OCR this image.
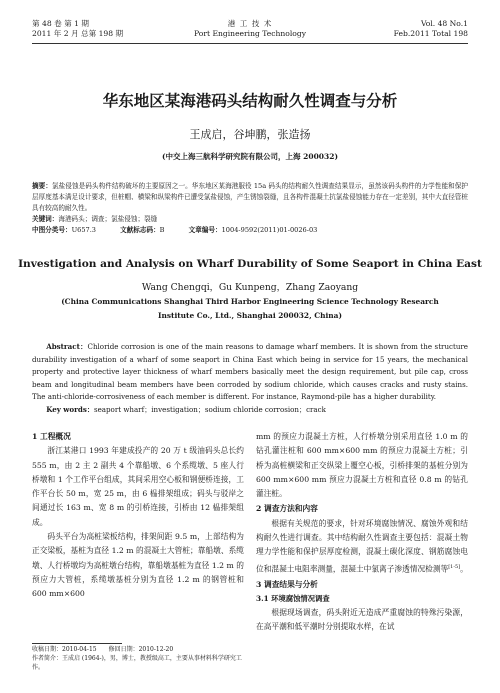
第 48 卷 第 1 期
2011 年 2 月 总第 198 期
港 工 技 术
Port Engineering Technology
Vol. 48 No.1
Feb.2011 Total 198
华东地区某海港码头结构耐久性调查与分析
王成启，谷坤鹏，张造扬
(中交上海三航科学研究院有限公司，上海 200032)
摘要：氯盐侵蚀是码头构件结构破坏的主要原因之一。华东地区某海港服役 15a 码头的结构耐久性调查结果显示，虽然该码头构件的力学性能和保护层厚度基本满足设计要求，但桩帽、横梁和纵梁构件已遭受氯盐侵蚀，产生锈蚀裂缝，且各构件混凝土抗氯盐侵蚀能力存在一定差别，其中大直径管桩具有较高的耐久性。
关键词：海港码头；调查；氯盐侵蚀；裂缝
中图分类号：U657.3	文献标志码：B	文章编号：1004-9592(2011)01-0026-03
Investigation and Analysis on Wharf Durability of Some Seaport in China East
Wang Chengqi，Gu Kunpeng，Zhang Zaoyang
(China Communications Shanghai Third Harbor Engineering Science Technology Research
Institute Co., Ltd., Shanghai 200032, China)
Abstract：Chloride corrosion is one of the main reasons to damage wharf members. It is shown from the structure durability investigation of a wharf of some seaport in China East which being in service for 15 years, the mechanical property and protective layer thickness of wharf members basically meet the design requirement, but pile cap, cross beam and longitudinal beam members have been corroded by sodium chloride, which causes cracks and rusty stains. The anti-chloride-corrosiveness of each member is different. For instance, Raymond-pile has a higher durability.
Key words：seaport wharf；investigation；sodium chloride corrosion；crack

1 工程概况

浙江某港口 1993 年建成投产的 20 万 t 级油码头总长约 555 m，由 2 主 2 副共 4 个靠船墩、6 个系缆墩、5 座人行桥墩和 1 个工作平台组成，其间采用空心板和钢便桥连接，工作平台长 50 m，宽 25 m，由 6 榀排架组成；码头与驳岸之间通过长 163 m、宽 8 m 的引桥连接，引桥由 12 榀排架组成。

码头平台为高桩梁板结构，排架间距 9.5 m，上部结构为正交梁板，基桩为直径 1.2 m 的混凝土大管桩；靠船墩、系缆墩、人行桥墩均为高桩墩台结构，靠船墩基桩为直径 1.2 m 的预应力大管桩，系缆墩基桩分别为直径 1.2 m 的钢管桩和 600 mm×600

mm 的预应力混凝土方桩，人行桥墩分别采用直径 1.0 m 的钻孔灌注桩和 600 mm×600 mm 的预应力混凝土方桩；引桥为高桩横梁和正交纵梁上覆空心板，引桥排架的基桩分别为 600 mm×600 mm 预应力混凝土方桩和直径 0.8 m 的钻孔灌注桩。

2 调查方法和内容

根据有关规范的要求，针对环境腐蚀情况、腐蚀外观和结构耐久性进行调查。其中结构耐久性调查主要包括：混凝土物理力学性能和保护层厚度检测，混凝土碳化深度、钢筋腐蚀电位和混凝土电阻率测量，混凝土中氯离子渗透情况检测等[1-5]。

3 调查结果与分析

3.1 环境腐蚀情况调查

根据现场调查，码头附近无造成严重腐蚀的特殊污染源，在高平潮和低平潮时分别提取水样，在试

收稿日期：2010-04-15　　修回日期：2010-12-20
作者简介：王成启 (1964-)，男，博士，教授级高工，主要从事材料科学研究工作。
